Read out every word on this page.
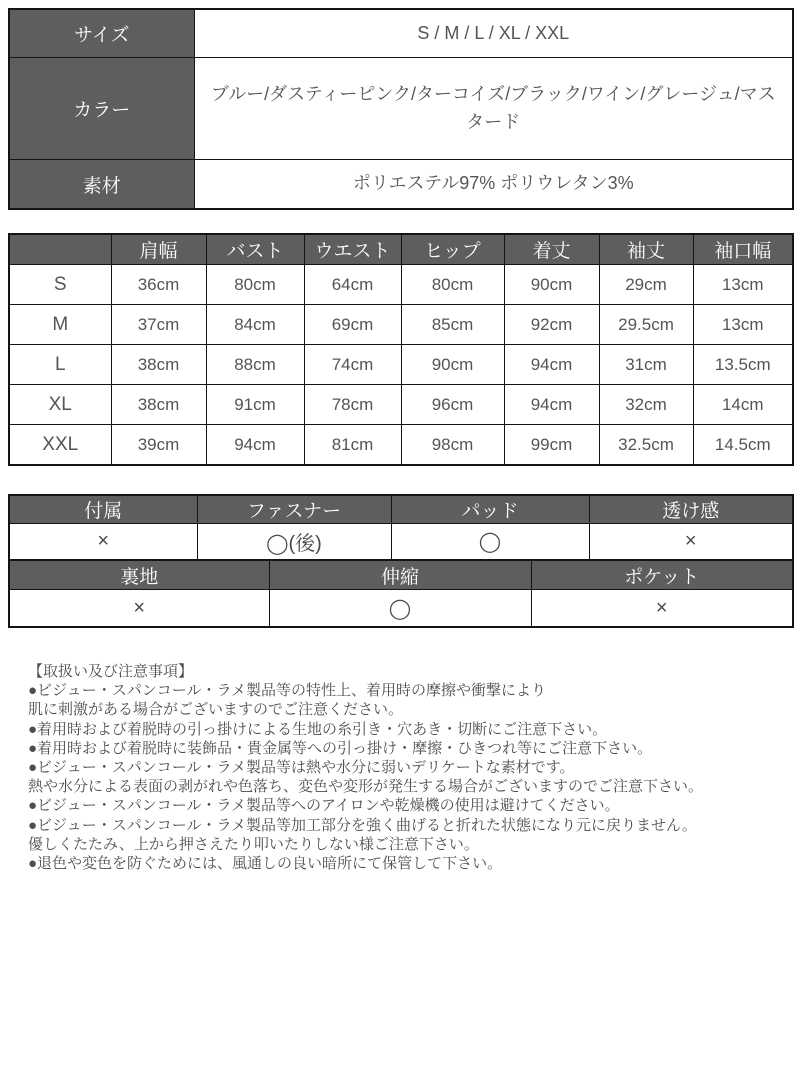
サイズ	S / M / L / XL / XXL
カラー	ブルー/ダスティーピンク/ターコイズ/ブラック/ワイン/グレージュ/マスタード
素材	ポリエステル97% ポリウレタン3%
	肩幅	バスト	ウエスト	ヒップ	着丈	袖丈	袖口幅
S	36cm	80cm	64cm	80cm	90cm	29cm	13cm
M	37cm	84cm	69cm	85cm	92cm	29.5cm	13cm
L	38cm	88cm	74cm	90cm	94cm	31cm	13.5cm
XL	38cm	91cm	78cm	96cm	94cm	32cm	14cm
XXL	39cm	94cm	81cm	98cm	99cm	32.5cm	14.5cm
付属	ファスナー	パッド	透け感
×	◯(後)	◯	×
裏地	伸縮	ポケット
×	◯	×
【取扱い及び注意事項】
●ビジュー・スパンコール・ラメ製品等の特性上、着用時の摩擦や衝撃により
肌に刺激がある場合がございますのでご注意ください。
●着用時および着脱時の引っ掛けによる生地の糸引き・穴あき・切断にご注意下さい。
●着用時および着脱時に装飾品・貴金属等への引っ掛け・摩擦・ひきつれ等にご注意下さい。
●ビジュー・スパンコール・ラメ製品等は熱や水分に弱いデリケートな素材です。
熱や水分による表面の剥がれや色落ち、変色や変形が発生する場合がございますのでご注意下さい。
●ビジュー・スパンコール・ラメ製品等へのアイロンや乾燥機の使用は避けてください。
●ビジュー・スパンコール・ラメ製品等加工部分を強く曲げると折れた状態になり元に戻りません。
優しくたたみ、上から押さえたり叩いたりしない様ご注意下さい。
●退色や変色を防ぐためには、風通しの良い暗所にて保管して下さい。
